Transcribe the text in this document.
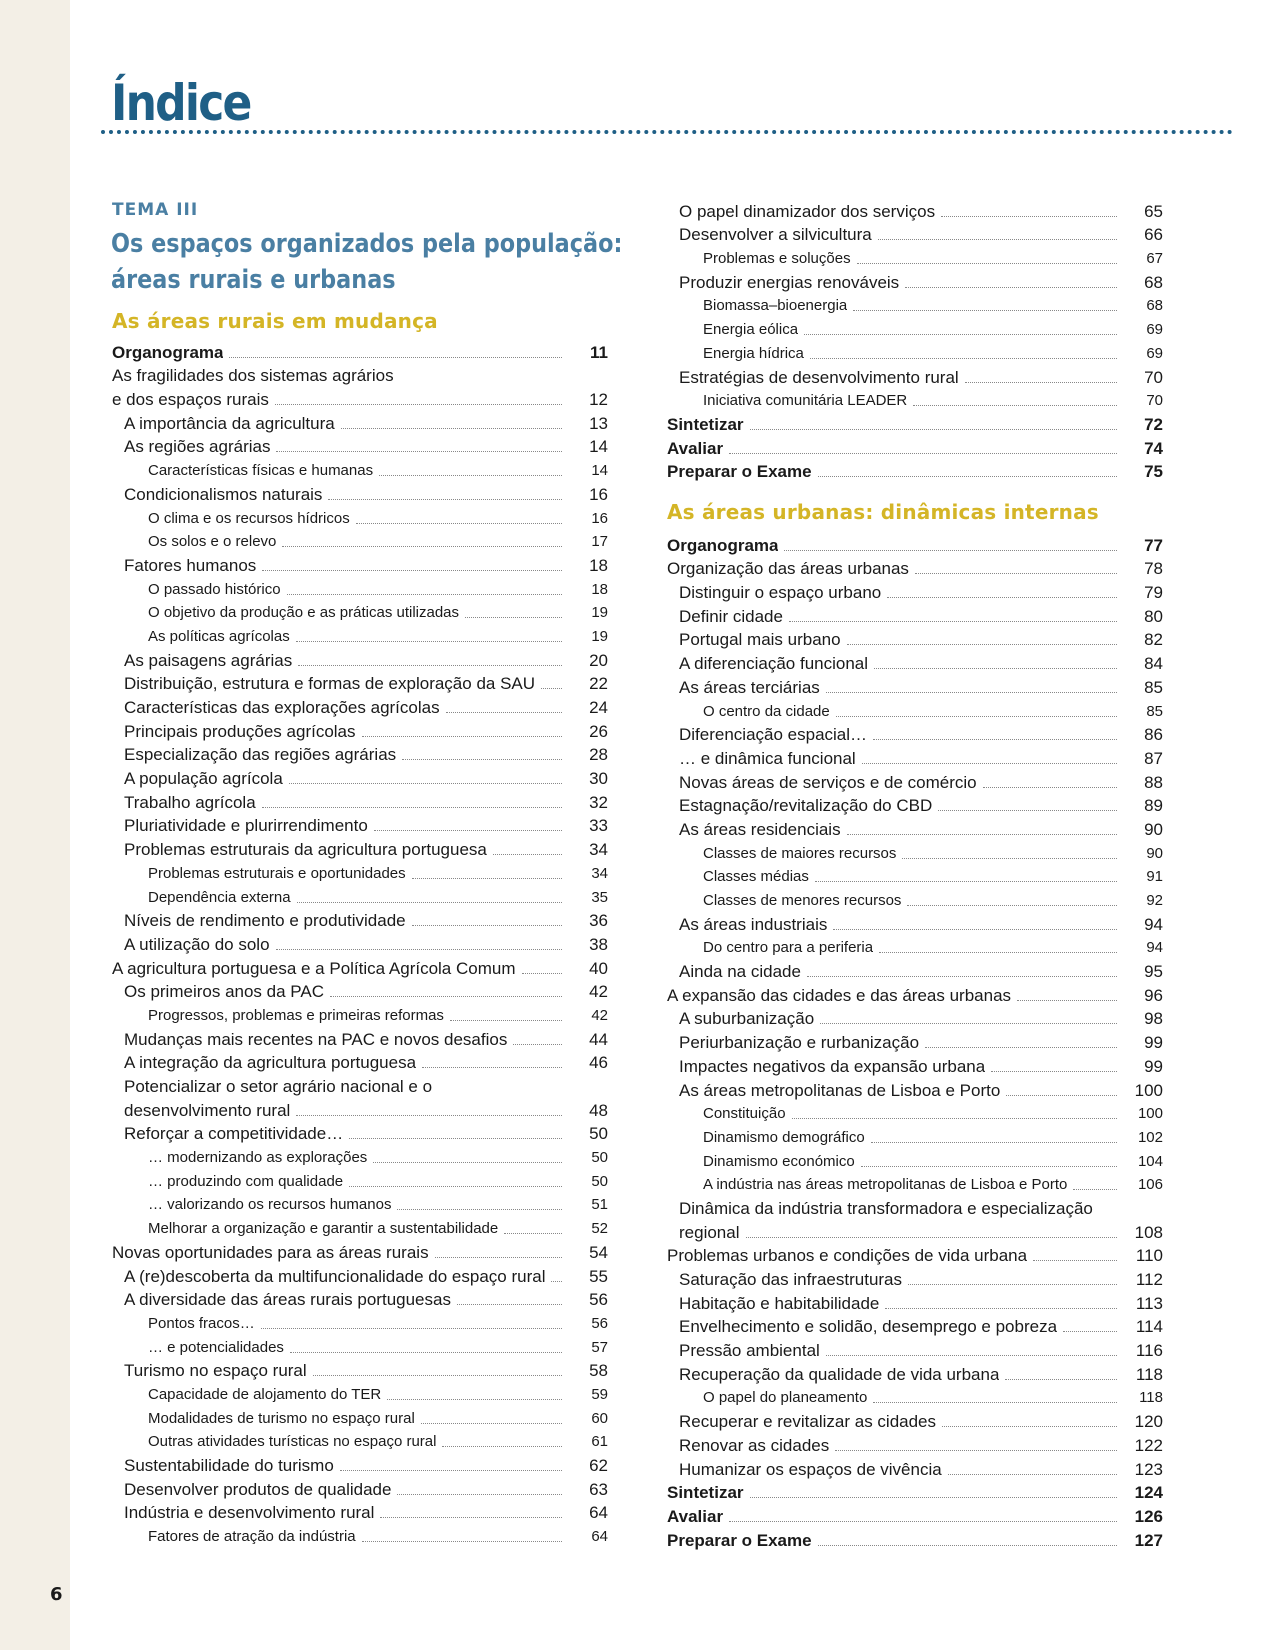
6
Índice
TEMA III
Os espaços organizados pela população:
áreas rurais e urbanas
As áreas rurais em mudança
Organograma	11
As fragilidades dos sistemas agrários
e dos espaços rurais	12
A importância da agricultura	13
As regiões agrárias	14
Características físicas e humanas	14
Condicionalismos naturais	16
O clima e os recursos hídricos	16
Os solos e o relevo	17
Fatores humanos	18
O passado histórico	18
O objetivo da produção e as práticas utilizadas	19
As políticas agrícolas	19
As paisagens agrárias	20
Distribuição, estrutura e formas de exploração da SAU	22
Características das explorações agrícolas	24
Principais produções agrícolas	26
Especialização das regiões agrárias	28
A população agrícola	30
Trabalho agrícola	32
Pluriatividade e plurirrendimento	33
Problemas estruturais da agricultura portuguesa	34
Problemas estruturais e oportunidades	34
Dependência externa	35
Níveis de rendimento e produtividade	36
A utilização do solo	38
A agricultura portuguesa e a Política Agrícola Comum	40
Os primeiros anos da PAC	42
Progressos, problemas e primeiras reformas	42
Mudanças mais recentes na PAC e novos desafios	44
A integração da agricultura portuguesa	46
Potencializar o setor agrário nacional e o
desenvolvimento rural	48
Reforçar a competitividade…	50
… modernizando as explorações	50
… produzindo com qualidade	50
… valorizando os recursos humanos	51
Melhorar a organização e garantir a sustentabilidade	52
Novas oportunidades para as áreas rurais	54
A (re)descoberta da multifuncionalidade do espaço rural	55
A diversidade das áreas rurais portuguesas	56
Pontos fracos…	56
… e potencialidades	57
Turismo no espaço rural	58
Capacidade de alojamento do TER	59
Modalidades de turismo no espaço rural	60
Outras atividades turísticas no espaço rural	61
Sustentabilidade do turismo	62
Desenvolver produtos de qualidade	63
Indústria e desenvolvimento rural	64
Fatores de atração da indústria	64
O papel dinamizador dos serviços	65
Desenvolver a silvicultura	66
Problemas e soluções	67
Produzir energias renováveis	68
Biomassa–bioenergia	68
Energia eólica	69
Energia hídrica	69
Estratégias de desenvolvimento rural	70
Iniciativa comunitária LEADER	70
Sintetizar	72
Avaliar	74
Preparar o Exame	75
As áreas urbanas: dinâmicas internas
Organograma	77
Organização das áreas urbanas	78
Distinguir o espaço urbano	79
Definir cidade	80
Portugal mais urbano	82
A diferenciação funcional	84
As áreas terciárias	85
O centro da cidade	85
Diferenciação espacial…	86
… e dinâmica funcional	87
Novas áreas de serviços e de comércio	88
Estagnação/revitalização do CBD	89
As áreas residenciais	90
Classes de maiores recursos	90
Classes médias	91
Classes de menores recursos	92
As áreas industriais	94
Do centro para a periferia	94
Ainda na cidade	95
A expansão das cidades e das áreas urbanas	96
A suburbanização	98
Periurbanização e rurbanização	99
Impactes negativos da expansão urbana	99
As áreas metropolitanas de Lisboa e Porto	100
Constituição	100
Dinamismo demográfico	102
Dinamismo económico	104
A indústria nas áreas metropolitanas de Lisboa e Porto	106
Dinâmica da indústria transformadora e especialização
regional	108
Problemas urbanos e condições de vida urbana	110
Saturação das infraestruturas	112
Habitação e habitabilidade	113
Envelhecimento e solidão, desemprego e pobreza	114
Pressão ambiental	116
Recuperação da qualidade de vida urbana	118
O papel do planeamento	118
Recuperar e revitalizar as cidades	120
Renovar as cidades	122
Humanizar os espaços de vivência	123
Sintetizar	124
Avaliar	126
Preparar o Exame	127
